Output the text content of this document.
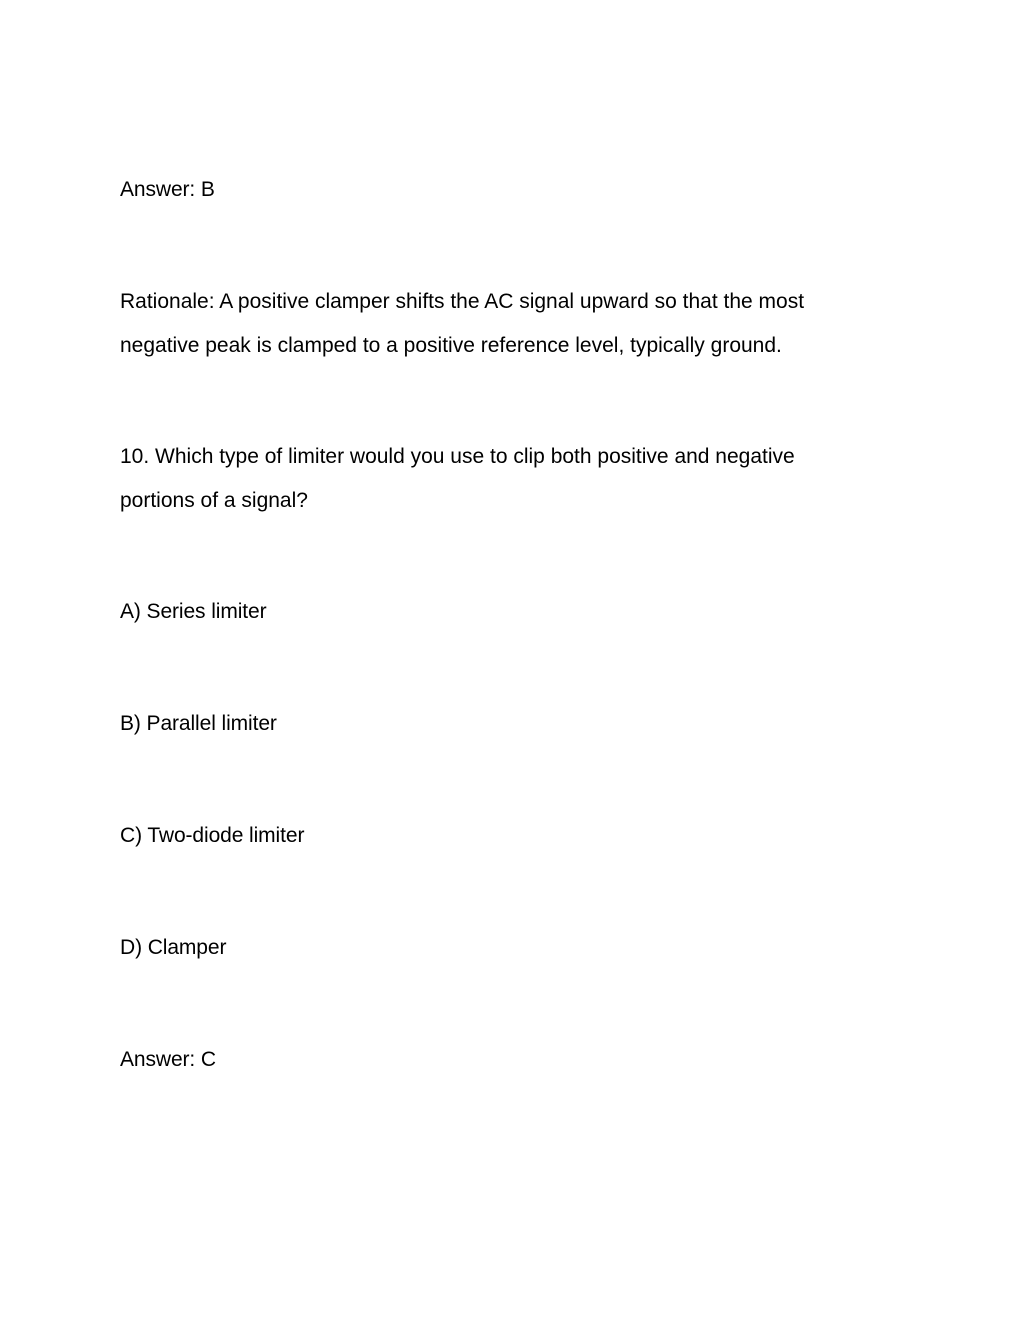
Answer: B
Rationale: A positive clamper shifts the AC signal upward so that the most
negative peak is clamped to a positive reference level, typically ground.
10. Which type of limiter would you use to clip both positive and negative
portions of a signal?
A) Series limiter
B) Parallel limiter
C) Two-diode limiter
D) Clamper
Answer: C
